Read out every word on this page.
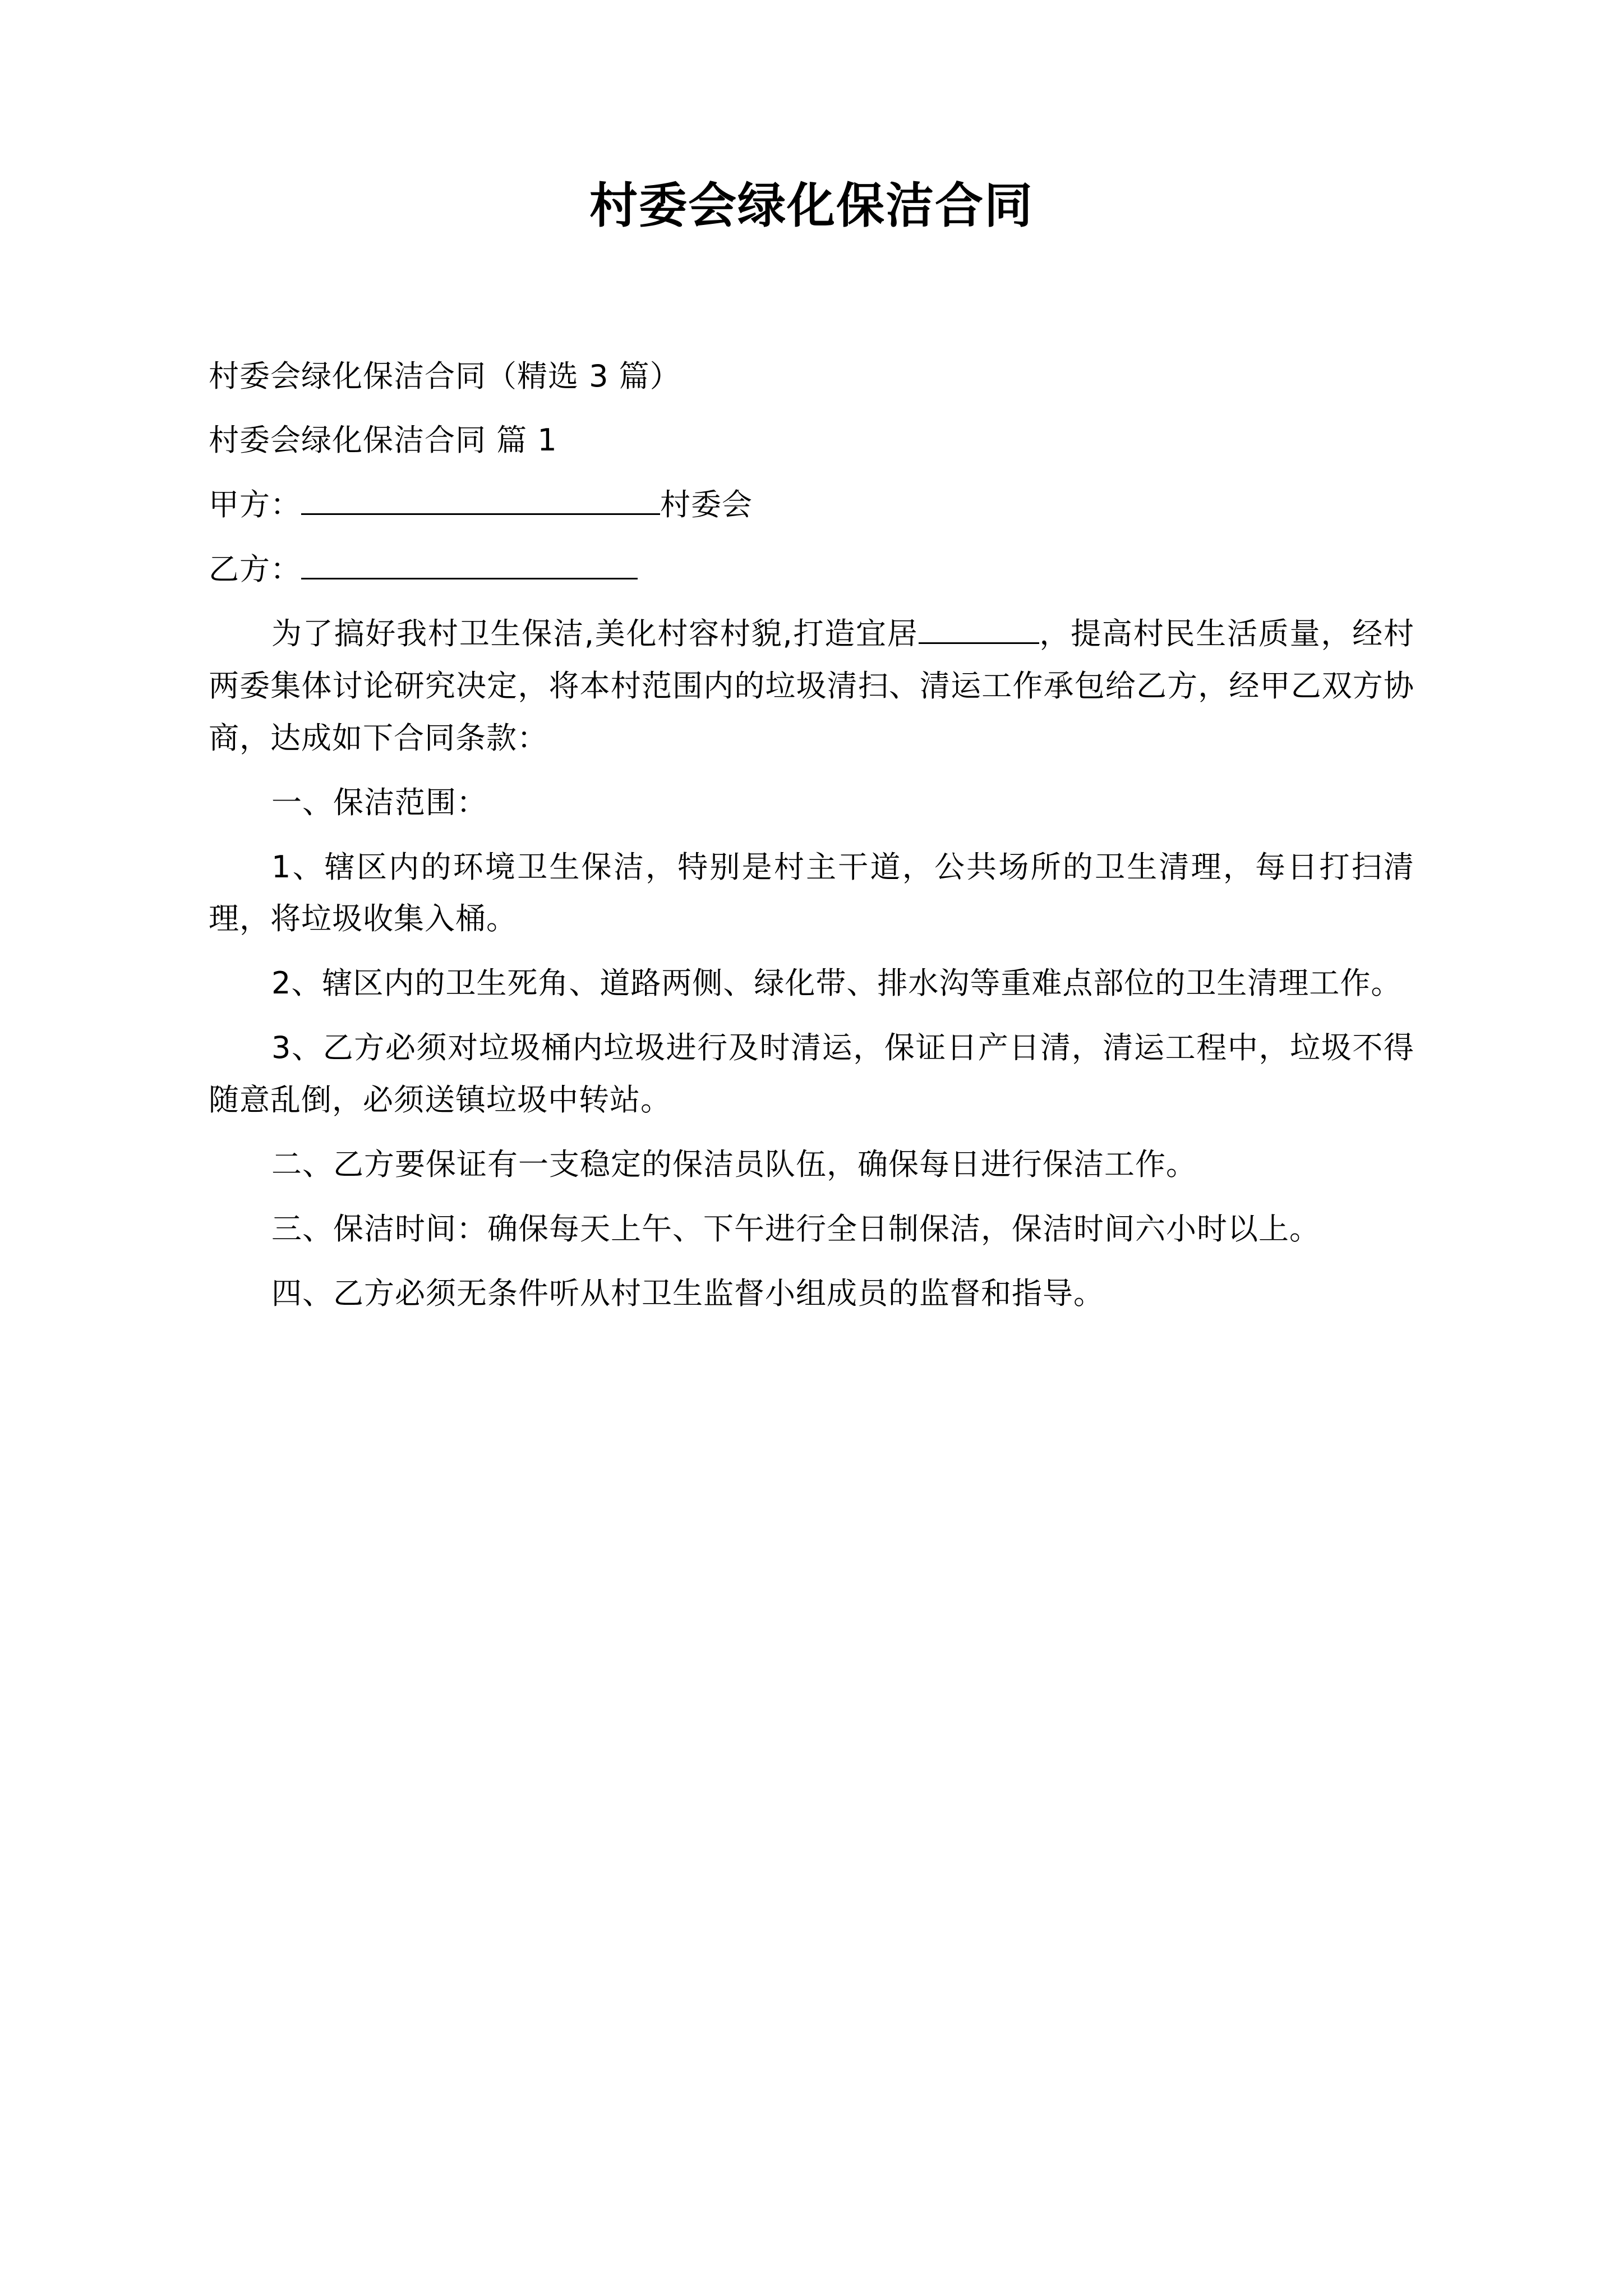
村委会绿化保洁合同

村委会绿化保洁合同（精选 3 篇）

村委会绿化保洁合同 篇 1

甲方：	村委会

乙方：

为了搞好我村卫生保洁,美化村容村貌,打造宜居	，提高村民生活质量，经村两委集体讨论研究决定，将本村范围内的垃圾清扫、清运工作承包给乙方，经甲乙双方协商，达成如下合同条款：

一、保洁范围：

1、辖区内的环境卫生保洁，特别是村主干道，公共场所的卫生清理，每日打扫清理，将垃圾收集入桶。

2、辖区内的卫生死角、道路两侧、绿化带、排水沟等重难点部位的卫生清理工作。

3、乙方必须对垃圾桶内垃圾进行及时清运，保证日产日清，清运工程中，垃圾不得随意乱倒，必须送镇垃圾中转站。

二、乙方要保证有一支稳定的保洁员队伍，确保每日进行保洁工作。

三、保洁时间：确保每天上午、下午进行全日制保洁，保洁时间六小时以上。

四、乙方必须无条件听从村卫生监督小组成员的监督和指导。
